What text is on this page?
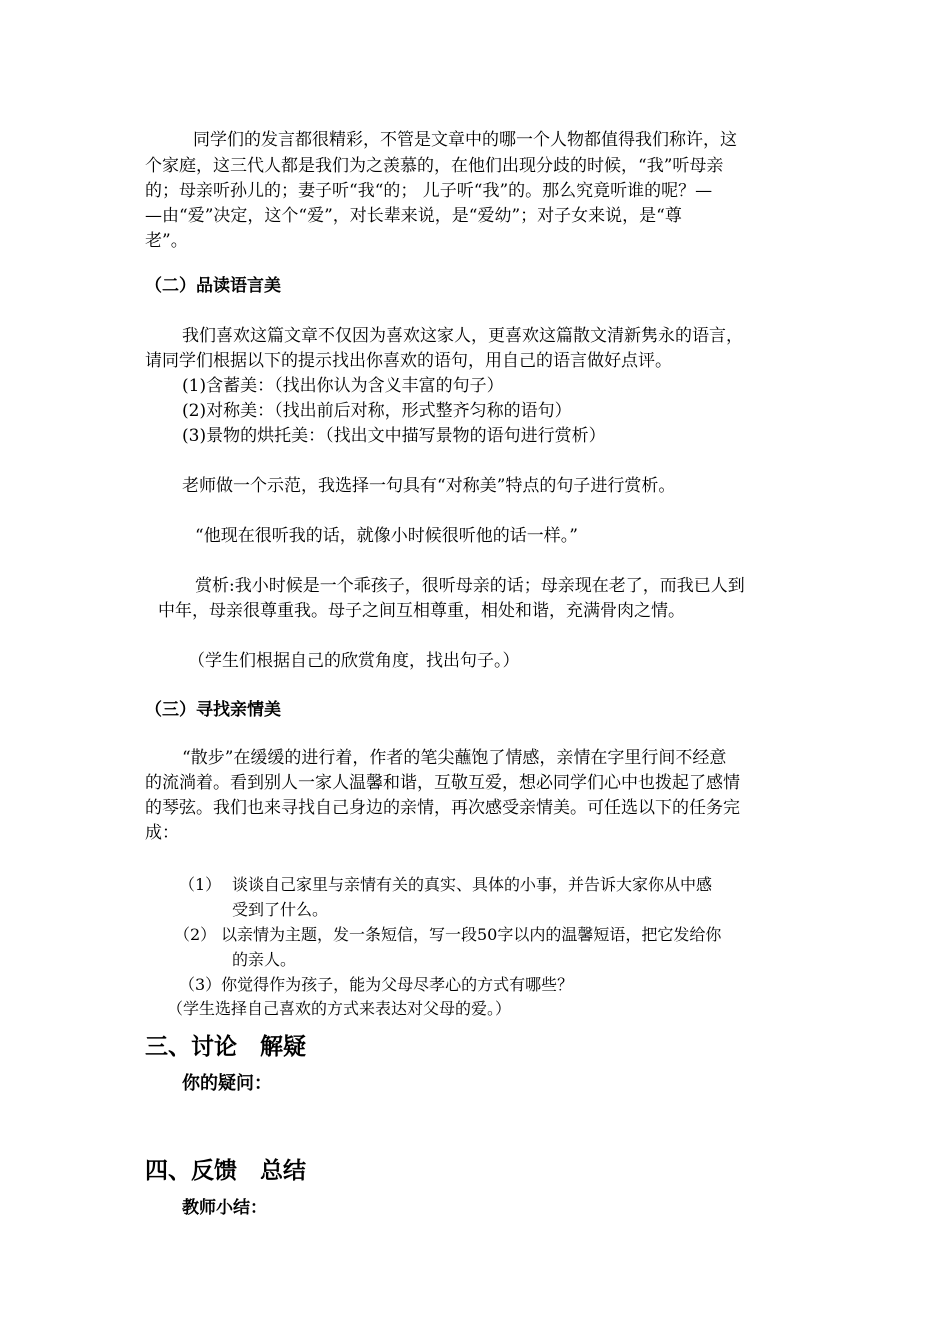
同学们的发言都很精彩，不管是文章中的哪一个人物都值得我们称许，这
个家庭，这三代人都是我们为之羡慕的，在他们出现分歧的时候，“我”听母亲
的；母亲听孙儿的；妻子听“我“的； 儿子听“我”的。那么究竟听谁的呢？—
—由“爱”决定，这个“爱”，对长辈来说，是“爱幼”；对子女来说，是“尊
老”。
（二）品读语言美
我们喜欢这篇文章不仅因为喜欢这家人，更喜欢这篇散文清新隽永的语言，
请同学们根据以下的提示找出你喜欢的语句，用自己的语言做好点评。
(1)含蓄美：（找出你认为含义丰富的句子）
(2)对称美：（找出前后对称，形式整齐匀称的语句）
(3)景物的烘托美：（找出文中描写景物的语句进行赏析）
老师做一个示范，我选择一句具有“对称美”特点的句子进行赏析。
“他现在很听我的话，就像小时候很听他的话一样。”
赏析:我小时候是一个乖孩子，很听母亲的话；母亲现在老了，而我已人到
中年，母亲很尊重我。母子之间互相尊重，相处和谐，充满骨肉之情。
（学生们根据自己的欣赏角度，找出句子。）
（三）寻找亲情美
“散步”在缓缓的进行着，作者的笔尖蘸饱了情感，亲情在字里行间不经意
的流淌着。看到别人一家人温馨和谐，互敬互爱，想必同学们心中也拨起了感情
的琴弦。我们也来寻找自己身边的亲情，再次感受亲情美。可任选以下的任务完
成：
（1） 谈谈自己家里与亲情有关的真实、具体的小事，并告诉大家你从中感
受到了什么。
（2） 以亲情为主题，发一条短信，写一段50字以内的温馨短语，把它发给你
的亲人。
（3）你觉得作为孩子，能为父母尽孝心的方式有哪些？
（学生选择自己喜欢的方式来表达对父母的爱。）
三、讨论　解疑
你的疑问：
四、反馈　总结
教师小结：
